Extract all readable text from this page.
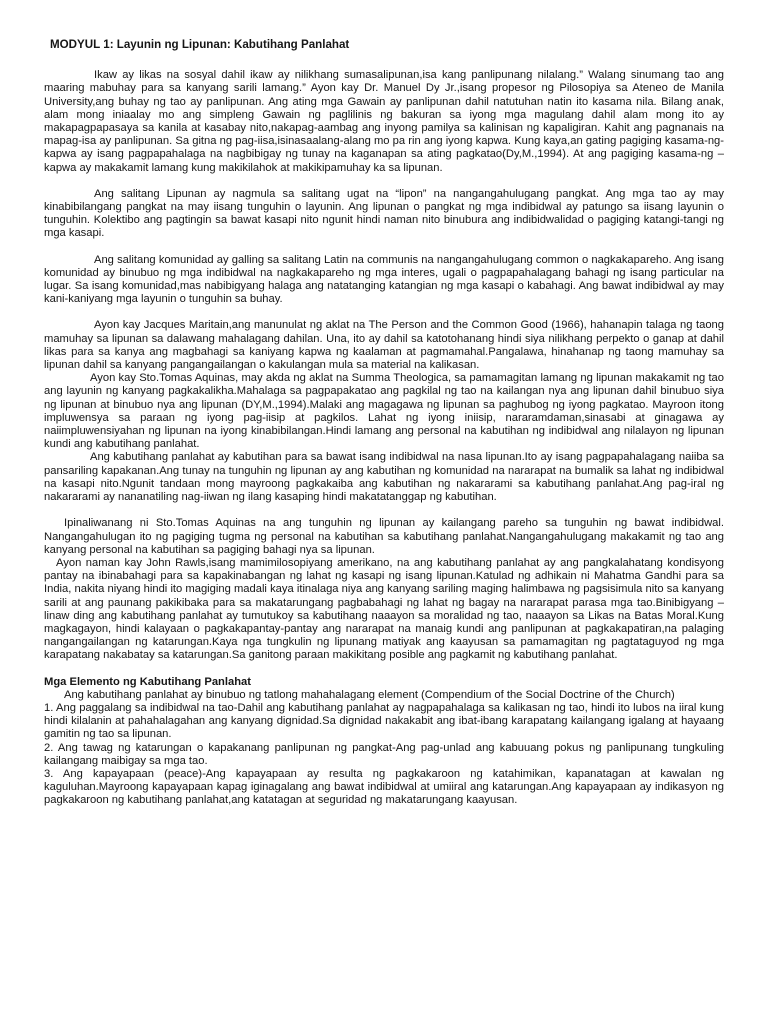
MODYUL 1: Layunin ng Lipunan: Kabutihang Panlahat

Ikaw ay likas na sosyal dahil ikaw ay nilikhang sumasalipunan,isa kang panlipunang nilalang.” Walang sinumang tao ang maaring mabuhay para sa kanyang sarili lamang.” Ayon kay Dr. Manuel Dy Jr.,isang propesor ng Pilosopiya sa Ateneo de Manila University,ang buhay ng tao ay panlipunan. Ang ating mga Gawain ay panlipunan dahil natutuhan natin ito kasama nila. Bilang anak, alam mong iniaalay mo ang simpleng Gawain ng paglilinis ng bakuran sa iyong mga magulang dahil alam mong ito ay makapagpapasaya sa kanila at kasabay nito,nakapag-aambag ang inyong pamilya sa kalinisan ng kapaligiran. Kahit ang pagnanais na mapag-isa ay panlipunan. Sa gitna ng pag-iisa,isinasaalang-alang mo pa rin ang iyong kapwa. Kung kaya,an gating pagiging kasama-ng-kapwa ay isang pagpapahalaga na nagbibigay ng tunay na kaganapan sa ating pagkatao(Dy,M.,1994). At ang pagiging kasama-ng –kapwa ay makakamit lamang kung makikilahok at makikipamuhay ka sa lipunan.

Ang salitang Lipunan ay nagmula sa salitang ugat na “lipon” na nangangahulugang pangkat. Ang mga tao ay may kinabibilangang pangkat na may iisang tunguhin o layunin. Ang lipunan o pangkat ng mga indibidwal ay patungo sa iisang layunin o tunguhin. Kolektibo ang pagtingin sa bawat kasapi nito ngunit hindi naman nito binubura ang indibidwalidad o pagiging katangi-tangi ng mga kasapi.

Ang salitang komunidad ay galling sa salitang Latin na communis na nangangahulugang common o nagkakapareho. Ang isang komunidad ay binubuo ng mga indibidwal na nagkakapareho ng mga interes, ugali o pagpapahalagang bahagi ng isang particular na lugar. Sa isang komunidad,mas nabibigyang halaga ang natatanging katangian ng mga kasapi o kabahagi. Ang bawat indibidwal ay may kani-kaniyang mga layunin o tunguhin sa buhay.

Ayon kay Jacques Maritain,ang manunulat ng aklat na The Person and the Common Good (1966), hahanapin talaga ng taong mamuhay sa lipunan sa dalawang mahalagang dahilan. Una, ito ay dahil sa katotohanang hindi siya nilikhang perpekto o ganap at dahil likas para sa kanya ang magbahagi sa kaniyang kapwa ng kaalaman at pagmamahal.Pangalawa, hinahanap ng taong mamuhay sa lipunan dahil sa kanyang pangangailangan o kakulangan mula sa material na kalikasan.

Ayon kay Sto.Tomas Aquinas, may akda ng aklat na Summa Theologica, sa pamamagitan lamang ng lipunan makakamit ng tao ang layunin ng kanyang pagkakalikha.Mahalaga sa pagpapakatao ang pagkilal ng tao na kailangan nya ang lipunan dahil binubuo siya ng lipunan at binubuo nya ang lipunan (DY,M.,1994).Malaki ang magagawa ng lipunan sa paghubog ng iyong pagkatao. Mayroon itong impluwensya sa paraan ng iyong pag-iisip at pagkilos. Lahat ng iyong iniisip, nararamdaman,sinasabi at ginagawa ay naiimpluwensiyahan ng lipunan na iyong kinabibilangan.Hindi lamang ang personal na kabutihan ng indibidwal ang nilalayon ng lipunan kundi ang kabutihang panlahat.

Ang kabutihang panlahat ay kabutihan para sa bawat isang indibidwal na nasa lipunan.Ito ay isang pagpapahalagang naiiba sa pansariling kapakanan.Ang tunay na tunguhin ng lipunan ay ang kabutihan ng komunidad na nararapat na bumalik sa lahat ng indibidwal na kasapi nito.Ngunit tandaan mong mayroong pagkakaiba ang kabutihan ng nakararami sa kabutihang panlahat.Ang pag-iral ng nakararami ay nananatiling nag-iiwan ng ilang kasaping hindi makatatanggap ng kabutihan.

Ipinaliwanang ni Sto.Tomas Aquinas na ang tunguhin ng lipunan ay kailangang pareho sa tunguhin ng bawat indibidwal. Nangangahulugan ito ng pagiging tugma ng personal na kabutihan sa kabutihang panlahat.Nangangahulugang makakamit ng tao ang kanyang personal na kabutihan sa pagiging bahagi nya sa lipunan.

Ayon naman kay John Rawls,isang mamimilosopiyang amerikano, na ang kabutihang panlahat ay ang pangkalahatang kondisyong pantay na ibinabahagi para sa kapakinabangan ng lahat ng kasapi ng isang lipunan.Katulad ng adhikain ni Mahatma Gandhi para sa India, nakita niyang hindi ito magiging madali kaya itinalaga niya ang kanyang sariling maging halimbawa ng pagsisimula nito sa kanyang sarili at ang paunang pakikibaka para sa makatarungang pagbabahagi ng lahat ng bagay na nararapat parasa mga tao.Binibigyang –linaw ding ang kabutihang panlahat ay tumutukoy sa kabutihang naaayon sa moralidad ng tao, naaayon sa Likas na Batas Moral.Kung magkagayon, hindi kalayaan o pagkakapantay-pantay ang nararapat na manaig kundi ang panlipunan at pagkakapatiran,na palaging nangangailangan ng katarungan.Kaya nga tungkulin ng lipunang matiyak ang kaayusan sa pamamagitan ng pagtataguyod ng mga karapatang nakabatay sa katarungan.Sa ganitong paraan makikitang posible ang pagkamit ng kabutihang panlahat.

Mga Elemento ng Kabutihang Panlahat

Ang kabutihang panlahat ay binubuo ng tatlong mahahalagang element (Compendium of the Social Doctrine of the Church)

1. Ang paggalang sa indibidwal na tao-Dahil ang kabutihang panlahat ay nagpapahalaga sa kalikasan ng tao, hindi ito lubos na iiral kung hindi kilalanin at pahahalagahan ang kanyang dignidad.Sa dignidad nakakabit ang ibat-ibang karapatang kailangang igalang at hayaang gamitin ng tao sa lipunan.

2. Ang tawag ng katarungan o kapakanang panlipunan ng pangkat-Ang pag-unlad ang kabuuang pokus ng panlipunang tungkuling kailangang maibigay sa mga tao.

3. Ang kapayapaan (peace)-Ang kapayapaan ay resulta ng pagkakaroon ng katahimikan, kapanatagan at kawalan ng kaguluhan.Mayroong kapayapaan kapag iginagalang ang bawat indibidwal at umiiral ang katarungan.Ang kapayapaan ay indikasyon ng pagkakaroon ng kabutihang panlahat,ang katatagan at seguridad ng makatarungang kaayusan.
